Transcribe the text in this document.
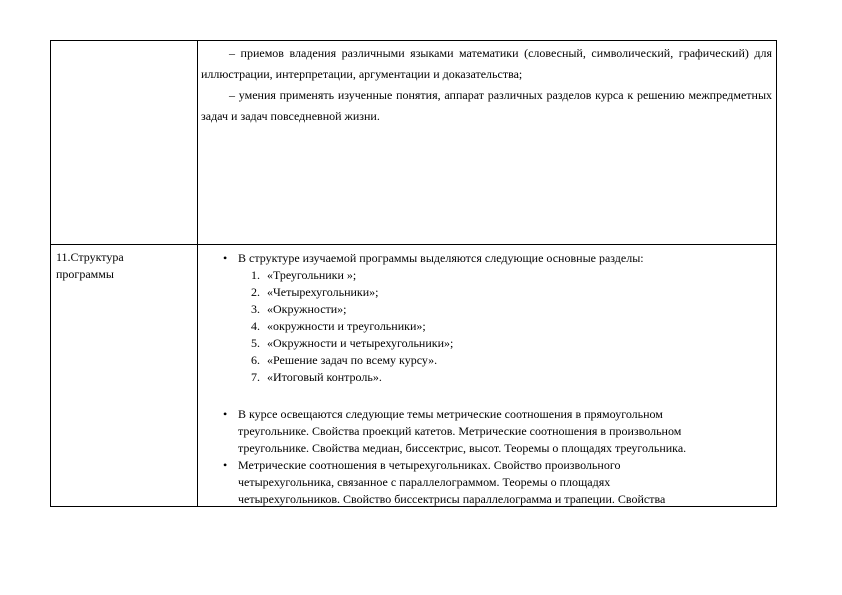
– приемов владения различными языками математики (словесный, символический, графический) для иллюстрации, интерпретации, аргументации и доказательства;

– умения применять изученные понятия, аппарат различных разделов курса к решению межпредметных задач и задач повседневной жизни.

11.Структура
программы
• В структуре изучаемой программы выделяются следующие основные разделы:
1. «Треугольники »;
2. «Четырехугольники»;
3. «Окружности»;
4. «окружности и треугольники»;
5. «Окружности и четырехугольники»;
6. «Решение задач по всему курсу».
7. «Итоговый контроль».
• В курсе освещаются следующие темы метрические соотношения в прямоугольном
треугольнике. Свойства проекций катетов. Метрические соотношения в произвольном
треугольнике. Свойства медиан, биссектрис, высот. Теоремы о площадях треугольника.
• Метрические соотношения в четырехугольниках. Свойство произвольного
четырехугольника, связанное с параллелограммом. Теоремы о площадях
четырехугольников. Свойство биссектрисы параллелограмма и трапеции. Свойства
